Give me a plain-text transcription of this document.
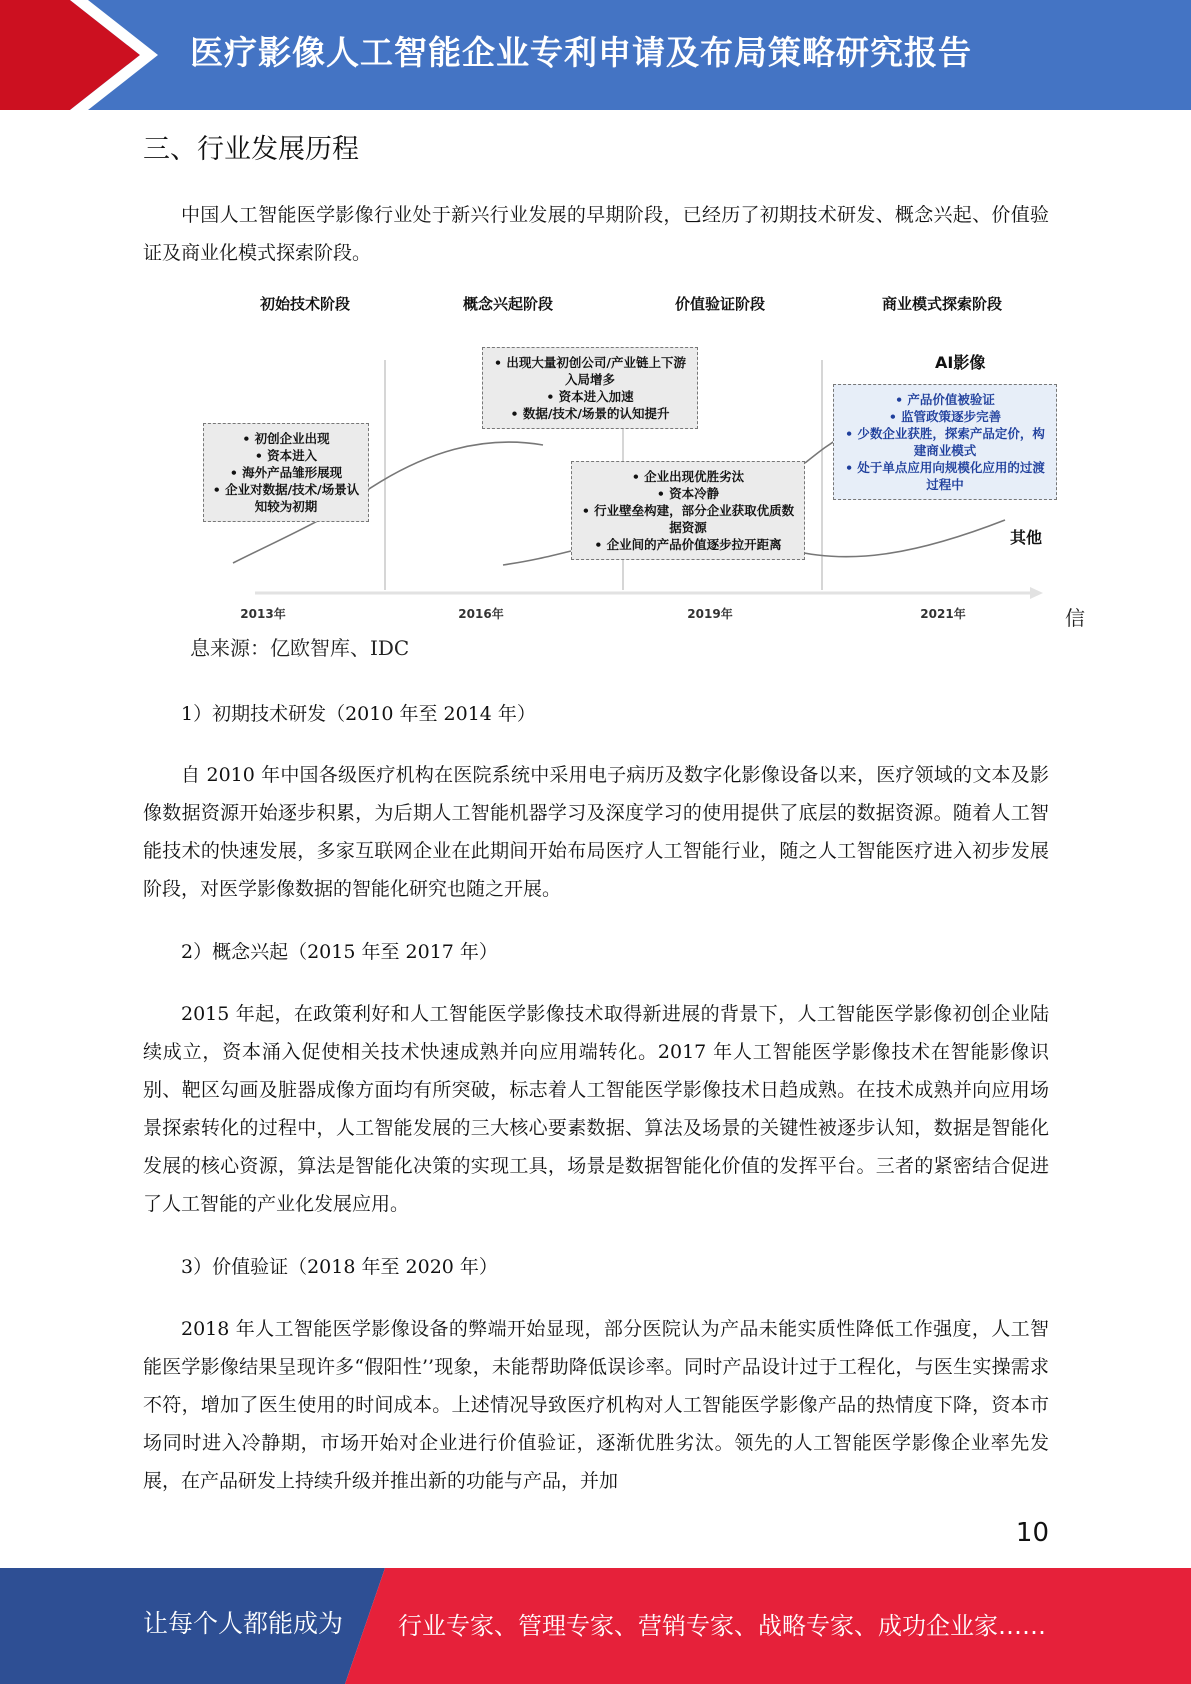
医疗影像人工智能企业专利申请及布局策略研究报告
三、行业发展历程

中国人工智能医学影像行业处于新兴行业发展的早期阶段，已经历了初期技术研发、概念兴起、价值验证及商业化模式探索阶段。

初始技术阶段	概念兴起阶段	价值验证阶段	商业模式探索阶段
2013年	2016年	2019年	2021年
• 初创企业出现
• 资本进入
• 海外产品雏形展现
• 企业对数据/技术/场景认知较为初期
• 出现大量初创公司/产业链上下游入局增多
• 资本进入加速
• 数据/技术/场景的认知提升
• 企业出现优胜劣汰
• 资本冷静
• 行业壁垒构建，部分企业获取优质数据资源
• 企业间的产品价值逐步拉开距离
• 产品价值被验证
• 监管政策逐步完善
• 少数企业获胜，探索产品定价，构建商业模式
• 处于单点应用向规模化应用的过渡过程中
AI影像
其他
信
息来源：亿欧智库、IDC

1）初期技术研发（2010 年至 2014 年）

自 2010 年中国各级医疗机构在医院系统中采用电子病历及数字化影像设备以来，医疗领域的文本及影像数据资源开始逐步积累，为后期人工智能机器学习及深度学习的使用提供了底层的数据资源。随着人工智能技术的快速发展，多家互联网企业在此期间开始布局医疗人工智能行业，随之人工智能医疗进入初步发展阶段，对医学影像数据的智能化研究也随之开展。

2）概念兴起（2015 年至 2017 年）

2015 年起，在政策利好和人工智能医学影像技术取得新进展的背景下，人工智能医学影像初创企业陆续成立，资本涌入促使相关技术快速成熟并向应用端转化。2017 年人工智能医学影像技术在智能影像识别、靶区勾画及脏器成像方面均有所突破，标志着人工智能医学影像技术日趋成熟。在技术成熟并向应用场景探索转化的过程中，人工智能发展的三大核心要素数据、算法及场景的关键性被逐步认知，数据是智能化发展的核心资源，算法是智能化决策的实现工具，场景是数据智能化价值的发挥平台。三者的紧密结合促进了人工智能的产业化发展应用。

3）价值验证（2018 年至 2020 年）

2018 年人工智能医学影像设备的弊端开始显现，部分医院认为产品未能实质性降低工作强度，人工智能医学影像结果呈现许多“假阳性’’现象，未能帮助降低误诊率。同时产品设计过于工程化，与医生实操需求不符，增加了医生使用的时间成本。上述情况导致医疗机构对人工智能医学影像产品的热情度下降，资本市场同时进入冷静期，市场开始对企业进行价值验证，逐渐优胜劣汰。领先的人工智能医学影像企业率先发展，在产品研发上持续升级并推出新的功能与产品，并加

10
让每个人都能成为 行业专家、管理专家、营销专家、战略专家、成功企业家……
